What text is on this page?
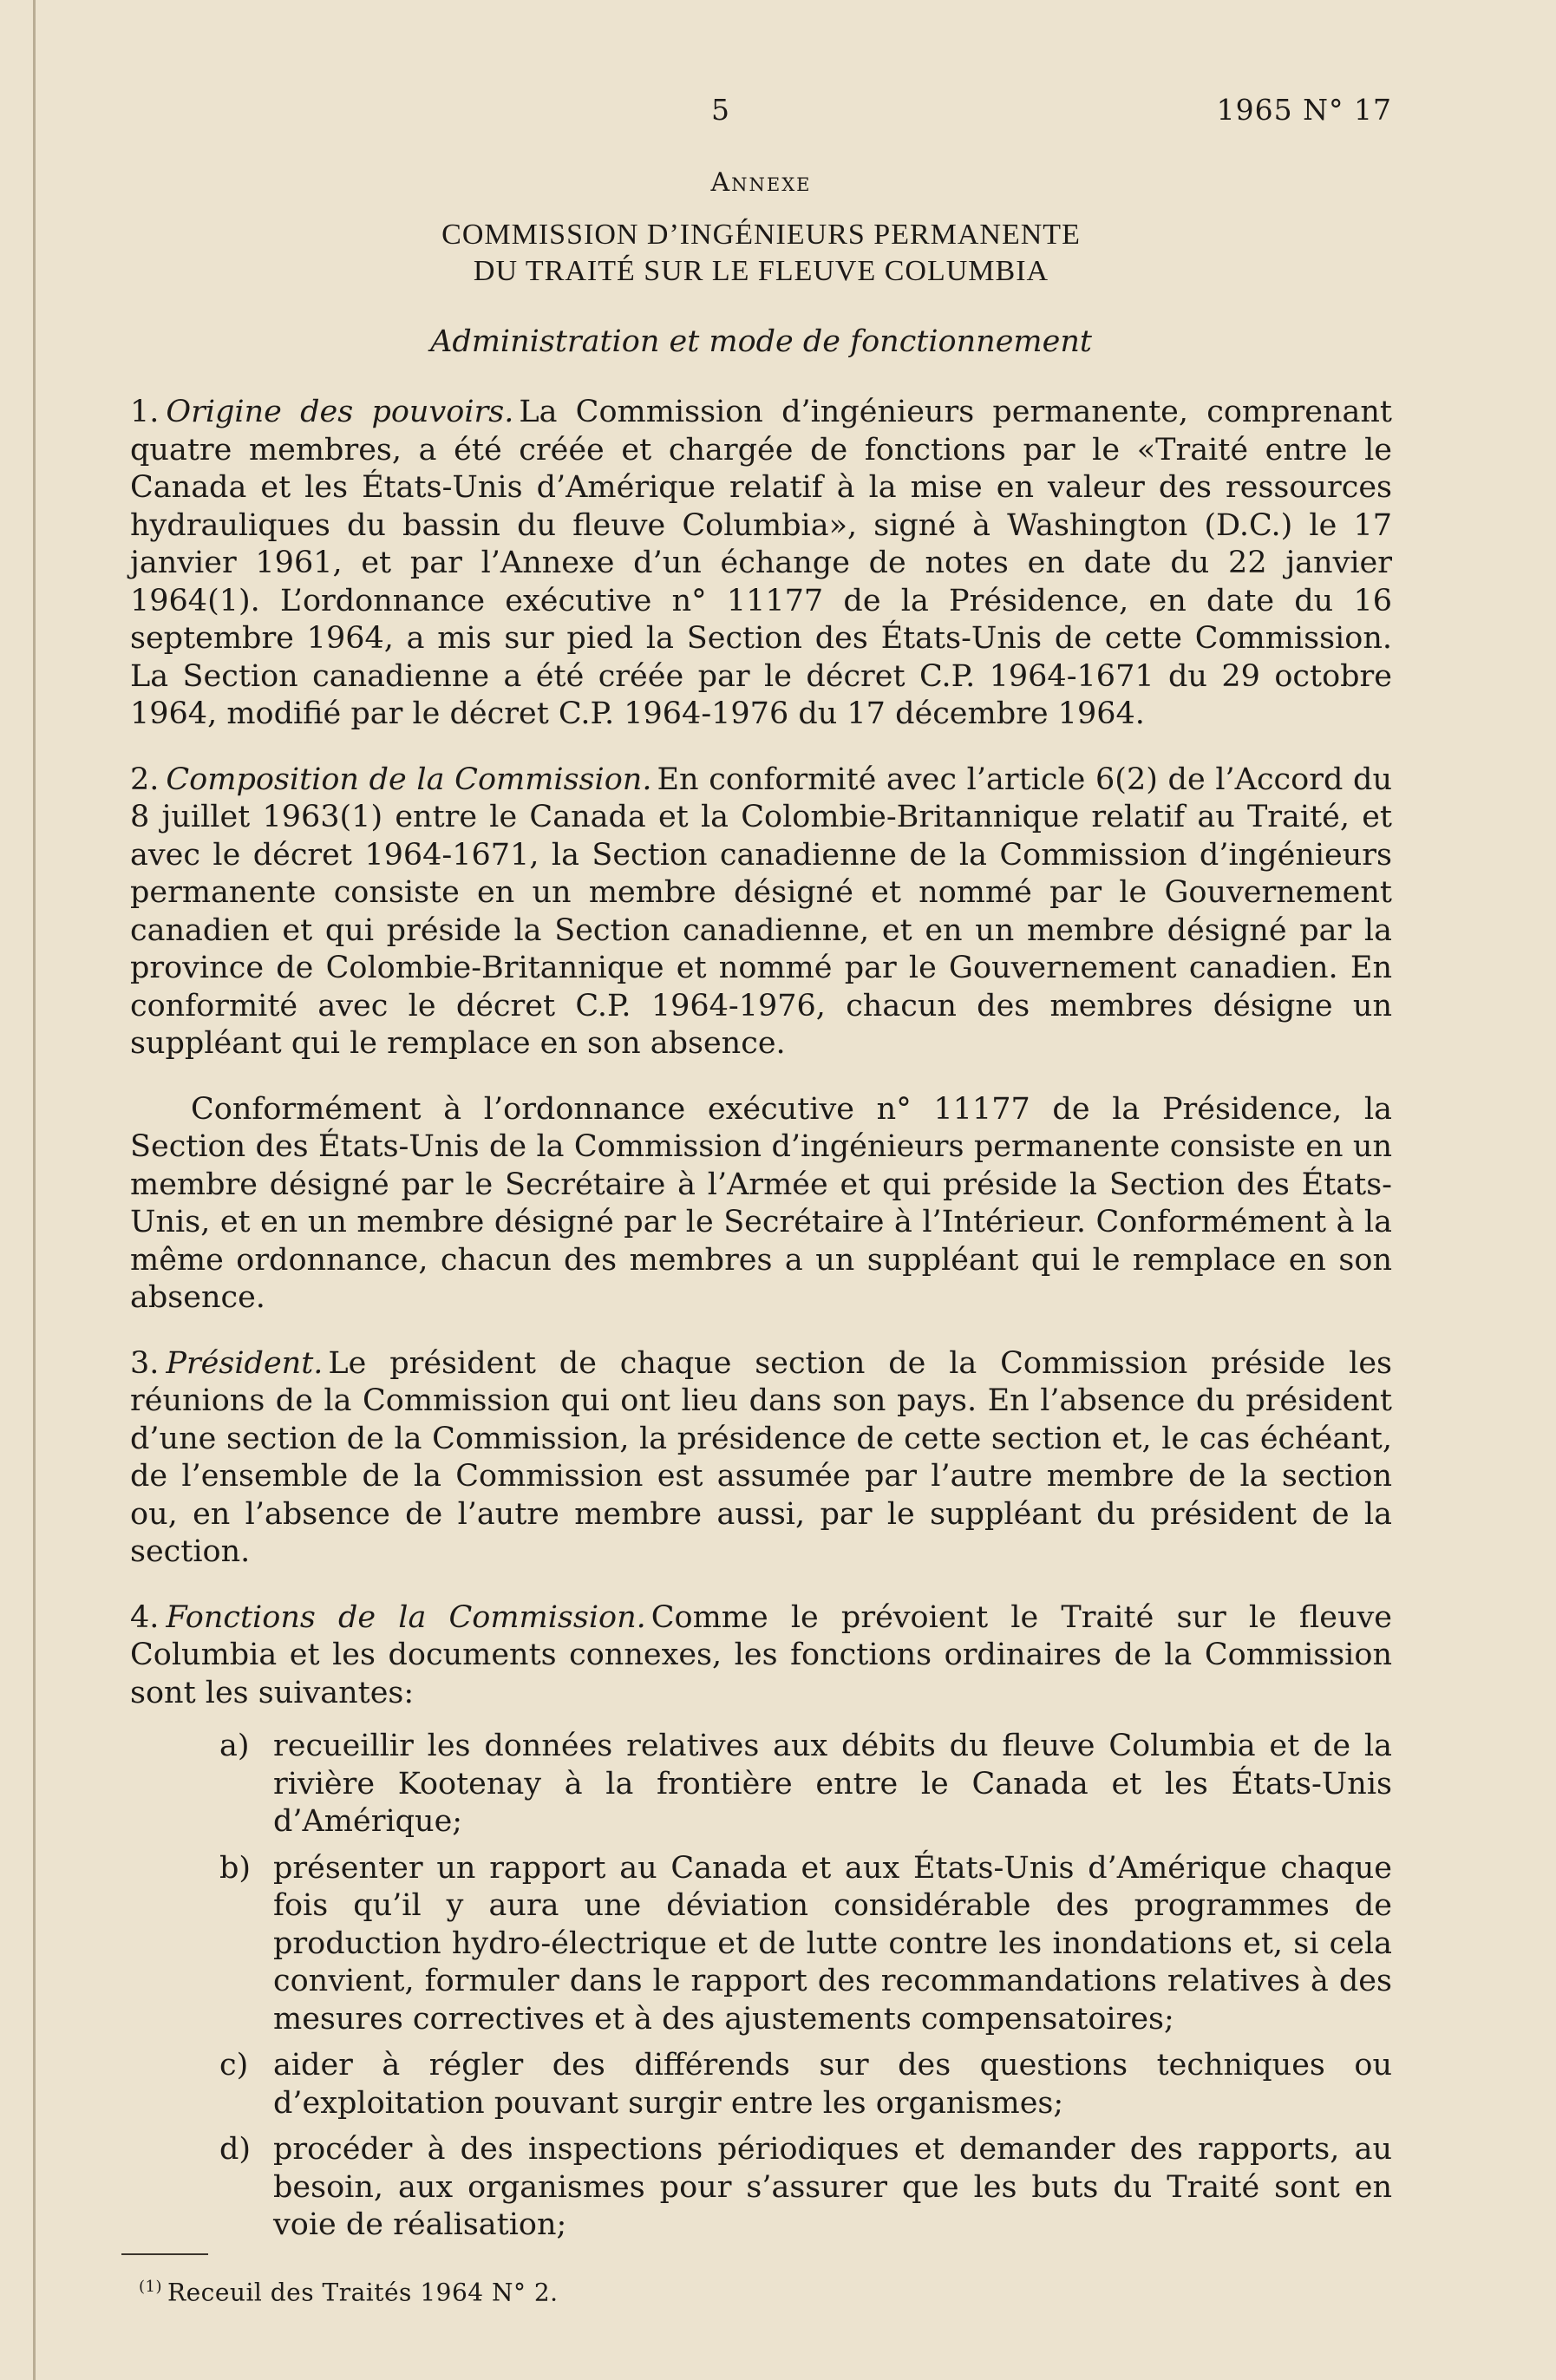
5	1965 N° 17
Annexe
COMMISSION D’INGÉNIEURS PERMANENTE
DU TRAITÉ SUR LE FLEUVE COLUMBIA
Administration et mode de fonctionnement

1. Origine des pouvoirs. La Commission d’ingénieurs permanente, comprenant quatre membres, a été créée et chargée de fonctions par le «Traité entre le Canada et les États-Unis d’Amérique relatif à la mise en valeur des ressources hydrauliques du bassin du fleuve Columbia», signé à Washington (D.C.) le 17 janvier 1961, et par l’Annexe d’un échange de notes en date du 22 janvier 1964(1). L’ordonnance exécutive n° 11177 de la Présidence, en date du 16 septembre 1964, a mis sur pied la Section des États-Unis de cette Commission. La Section canadienne a été créée par le décret C.P. 1964-1671 du 29 octobre 1964, modifié par le décret C.P. 1964-1976 du 17 décembre 1964.

2. Composition de la Commission. En conformité avec l’article 6(2) de l’Accord du 8 juillet 1963(1) entre le Canada et la Colombie-Britannique relatif au Traité, et avec le décret 1964-1671, la Section canadienne de la Commission d’ingénieurs permanente consiste en un membre désigné et nommé par le Gouvernement canadien et qui préside la Section canadienne, et en un membre désigné par la province de Colombie-Britannique et nommé par le Gouvernement canadien. En conformité avec le décret C.P. 1964-1976, chacun des membres désigne un suppléant qui le remplace en son absence.

Conformément à l’ordonnance exécutive n° 11177 de la Présidence, la Section des États-Unis de la Commission d’ingénieurs permanente consiste en un membre désigné par le Secrétaire à l’Armée et qui préside la Section des États-Unis, et en un membre désigné par le Secrétaire à l’Intérieur. Conformément à la même ordonnance, chacun des membres a un suppléant qui le remplace en son absence.

3. Président. Le président de chaque section de la Commission préside les réunions de la Commission qui ont lieu dans son pays. En l’absence du président d’une section de la Commission, la présidence de cette section et, le cas échéant, de l’ensemble de la Commission est assumée par l’autre membre de la section ou, en l’absence de l’autre membre aussi, par le suppléant du président de la section.

4. Fonctions de la Commission. Comme le prévoient le Traité sur le fleuve Columbia et les documents connexes, les fonctions ordinaires de la Commission sont les suivantes:

a) recueillir les données relatives aux débits du fleuve Columbia et de la rivière Kootenay à la frontière entre le Canada et les États-Unis d’Amérique;
b) présenter un rapport au Canada et aux États-Unis d’Amérique chaque fois qu’il y aura une déviation considérable des programmes de production hydro-électrique et de lutte contre les inondations et, si cela convient, formuler dans le rapport des recommandations relatives à des mesures correctives et à des ajustements compensatoires;
c) aider à régler des différends sur des questions techniques ou d’exploitation pouvant surgir entre les organismes;
d) procéder à des inspections périodiques et demander des rapports, au besoin, aux organismes pour s’assurer que les buts du Traité sont en voie de réalisation;
$^{(1)}$ Receuil des Traités 1964 N° 2.
